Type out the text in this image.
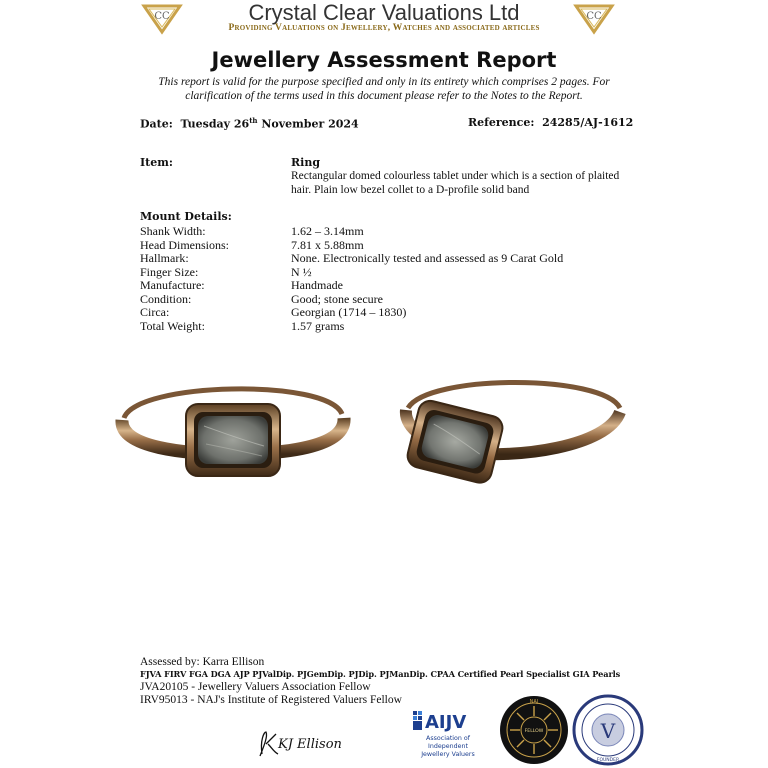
CC	CC
Crystal Clear Valuations Ltd
Providing Valuations on Jewellery, Watches and associated articles
Jewellery Assessment Report
This report is valid for the purpose specified and only in its entirety which comprises 2 pages. For clarification of the terms used in this document please refer to the Notes to the Report.
Date: Tuesday 26th November 2024	Reference: 24285/AJ-1612
Item:	Ring
Rectangular domed colourless tablet under which is a section of plaited hair. Plain low bezel collet to a D-profile solid band
Mount Details:
Shank Width:	1.62 – 3.14mm
Head Dimensions:	7.81 x 5.88mm
Hallmark:	None. Electronically tested and assessed as 9 Carat Gold
Finger Size:	N ½
Manufacture:	Handmade
Condition:	Good; stone secure
Circa:	Georgian (1714 – 1830)
Total Weight:	1.57 grams
Assessed by: Karra Ellison
FJVA FIRV FGA DGA AJP PJValDip. PJGemDip. PJDip. PJManDip. CPAA Certified Pearl Specialist GIA Pearls
JVA20105 - Jewellery Valuers Association Fellow
IRV95013 - NAJ's Institute of Registered Valuers Fellow
KJ Ellison
AIJV
Association of
Independent
Jewellery Valuers
NAJ
FELLOW	V
FOUNDER
